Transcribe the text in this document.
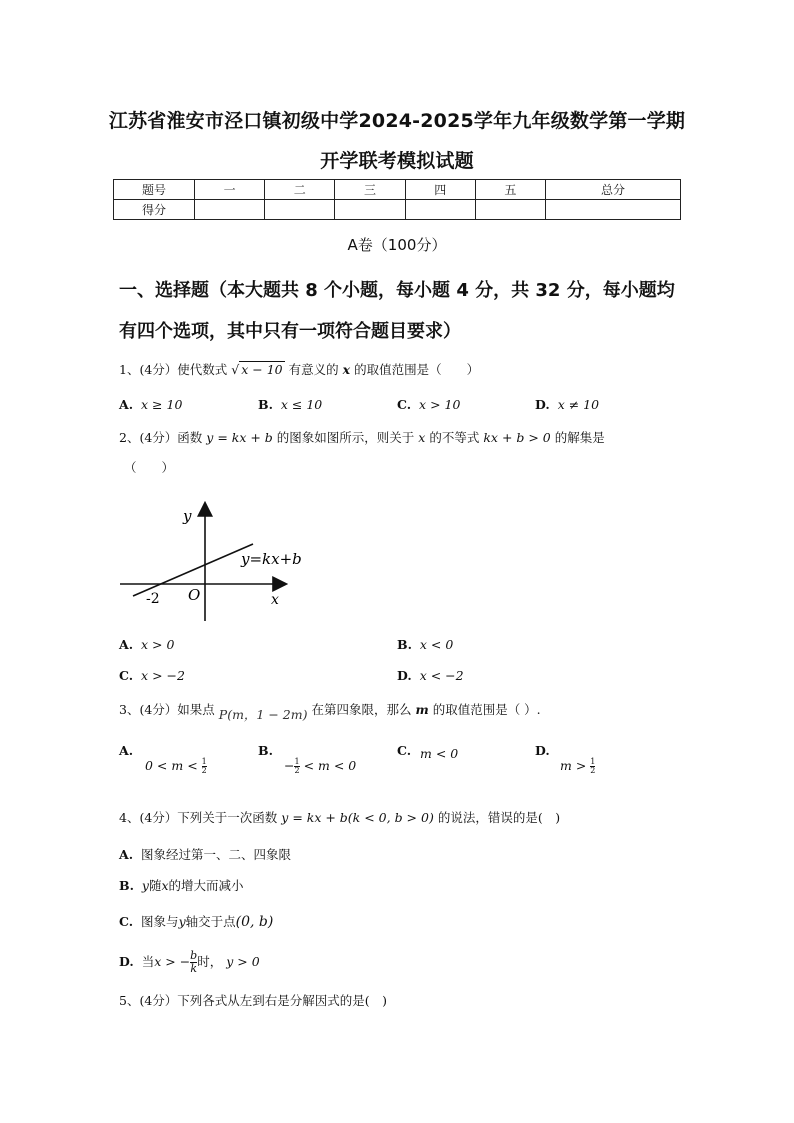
江苏省淮安市泾口镇初级中学2024-2025学年九年级数学第一学期
开学联考模拟试题
题号	一	二	三	四	五	总分
得分						
A卷（100分）
一、选择题（本大题共 8 个小题，每小题 4 分，共 32 分，每小题均
有四个选项，其中只有一项符合题目要求）
1、(4分）使代数式 √ x − 10 有意义的 x 的取值范围是（　　）
A. x ≥ 10	B. x ≤ 10	C. x > 10	D. x ≠ 10
2、(4分）函数 y = kx + b 的图象如图所示，则关于 x 的不等式 kx + b > 0 的解集是
（　　）
y
x
O
-2
y=kx+b
A. x > 0	B. x < 0
C. x > −2	D. x < −2
3、(4分）如果点 P(m，1 − 2m) 在第四象限，那么 m 的取值范围是（ ）.
A.
$0 < m < \frac{1}{2}$
B.
− $\frac{1}{2} < m < 0$
C. m < 0	D.
$m > \frac{1}{2}$
4、(4分）下列关于一次函数 y = kx + b(k < 0, b > 0) 的说法，错误的是(　)
A. 图象经过第一、二、四象限
B. y随x的增大而减小
C. 图象与y轴交于点(0, b)
D. 当x > − $\frac{b}{k}$ 时， y > 0
5、(4分）下列各式从左到右是分解因式的是(　)
